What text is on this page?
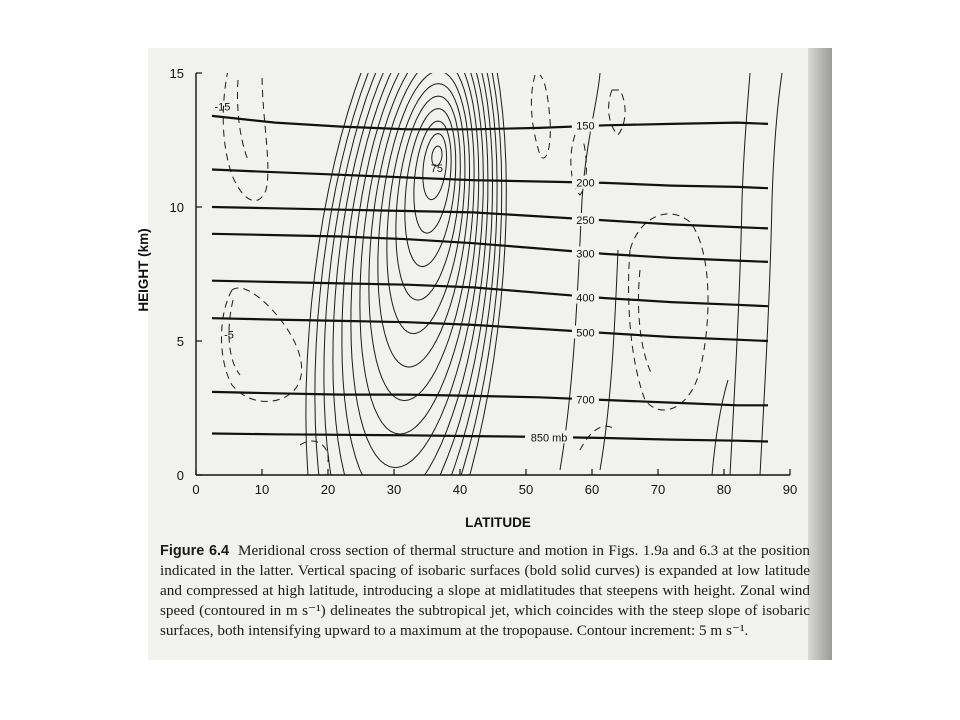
150
200
250
300
400
500
700
850 mb
-15
75
-5
0	10	20	30	40	50	60	70	80	90
0
5
10
15
LATITUDE
HEIGHT (km)
Figure 6.4 Meridional cross section of thermal structure and motion in Figs. 1.9a and 6.3 at the position indicated in the latter. Vertical spacing of isobaric surfaces (bold solid curves) is expanded at low latitude and compressed at high latitude, introducing a slope at midlatitudes that steepens with height. Zonal wind speed (contoured in m s⁻¹) delineates the subtropical jet, which coincides with the steep slope of isobaric surfaces, both intensifying upward to a maximum at the tropopause. Contour increment: 5 m s⁻¹.
